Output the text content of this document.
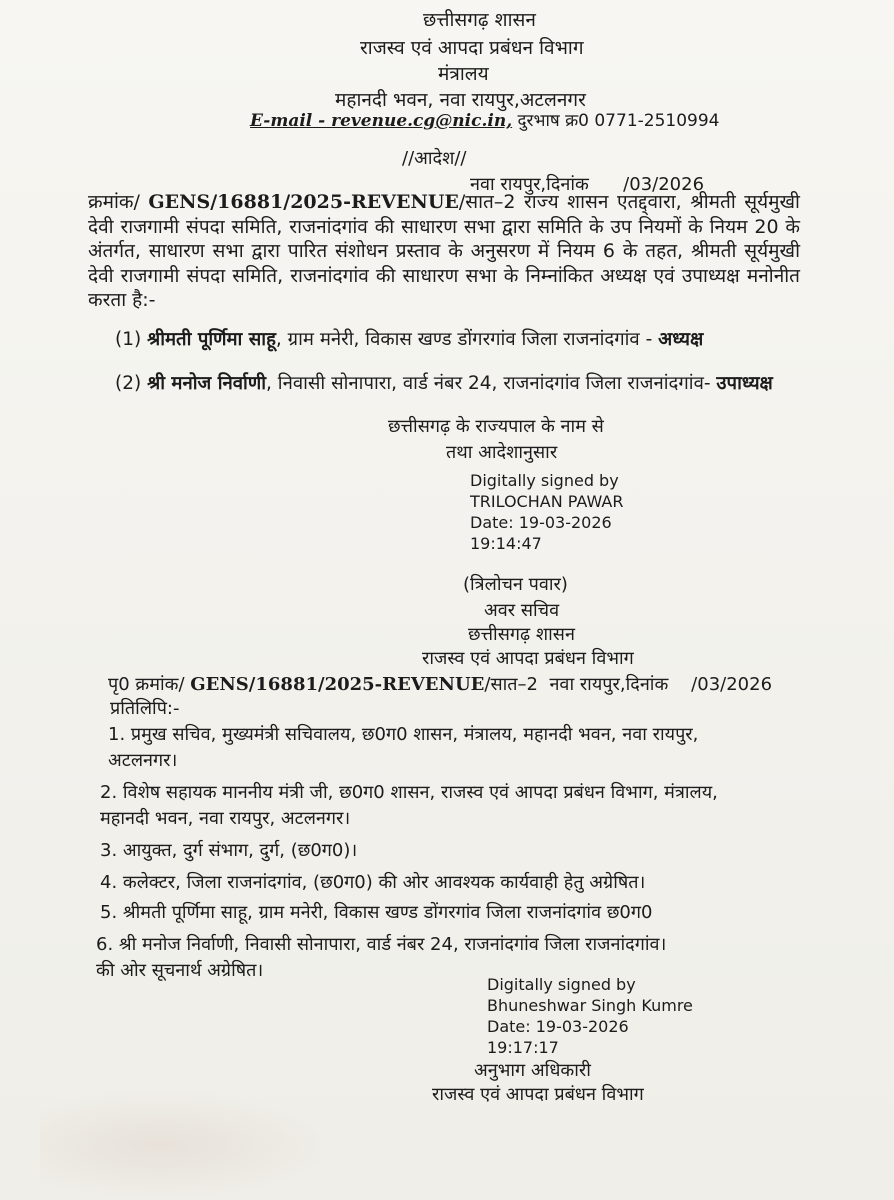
छत्तीसगढ़ शासन
राजस्व एवं आपदा प्रबंधन विभाग
मंत्रालय
महानदी भवन, नवा रायपुर,अटलनगर
E-mail - revenue.cg@nic.in, दुरभाष क्र0 0771-2510994
//आदेश//
नवा रायपुर,दिनांक      /03/2026
क्रमांक/ GENS/16881/2025-REVENUE/सात–2 राज्य शासन एतद्द्वारा, श्रीमती सूर्यमुखी देवी राजगामी संपदा समिति, राजनांदगांव की साधारण सभा द्वारा समिति के उप नियमों के नियम 20 के अंतर्गत, साधारण सभा द्वारा पारित संशोधन प्रस्ताव के अनुसरण में नियम 6 के तहत, श्रीमती सूर्यमुखी देवी राजगामी संपदा समिति, राजनांदगांव की साधारण सभा के निम्नांकित अध्यक्ष एवं उपाध्यक्ष मनोनीत करता है:-
(1) श्रीमती पूर्णिमा साहू, ग्राम मनेरी, विकास खण्ड डोंगरगांव जिला राजनांदगांव - अध्यक्ष
(2) श्री मनोज निर्वाणी, निवासी सोनापारा, वार्ड नंबर 24, राजनांदगांव जिला राजनांदगांव- उपाध्यक्ष
छत्तीसगढ़ के राज्यपाल के नाम से
तथा आदेशानुसार
Digitally signed by
TRILOCHAN PAWAR
Date: 19-03-2026
19:14:47
(त्रिलोचन पवार)
अवर सचिव
छत्तीसगढ़ शासन
राजस्व एवं आपदा प्रबंधन विभाग
पृ0 क्रमांक/ GENS/16881/2025-REVENUE/सात–2  नवा रायपुर,दिनांक    /03/2026
प्रतिलिपि:-
1. प्रमुख सचिव, मुख्यमंत्री सचिवालय, छ0ग0 शासन, मंत्रालय, महानदी भवन, नवा रायपुर,
अटलनगर।
2. विशेष सहायक माननीय मंत्री जी, छ0ग0 शासन, राजस्व एवं आपदा प्रबंधन विभाग, मंत्रालय,
महानदी भवन, नवा रायपुर, अटलनगर।
3. आयुक्त, दुर्ग संभाग, दुर्ग, (छ0ग0)।
4. कलेक्टर, जिला राजनांदगांव, (छ0ग0) की ओर आवश्यक कार्यवाही हेतु अग्रेषित।
5. श्रीमती पूर्णिमा साहू, ग्राम मनेरी, विकास खण्ड डोंगरगांव जिला राजनांदगांव छ0ग0
6. श्री मनोज निर्वाणी, निवासी सोनापारा, वार्ड नंबर 24, राजनांदगांव जिला राजनांदगांव।
की ओर सूचनार्थ अग्रेषित।
Digitally signed by
Bhuneshwar Singh Kumre
Date: 19-03-2026
19:17:17
अनुभाग अधिकारी
राजस्व एवं आपदा प्रबंधन विभाग
